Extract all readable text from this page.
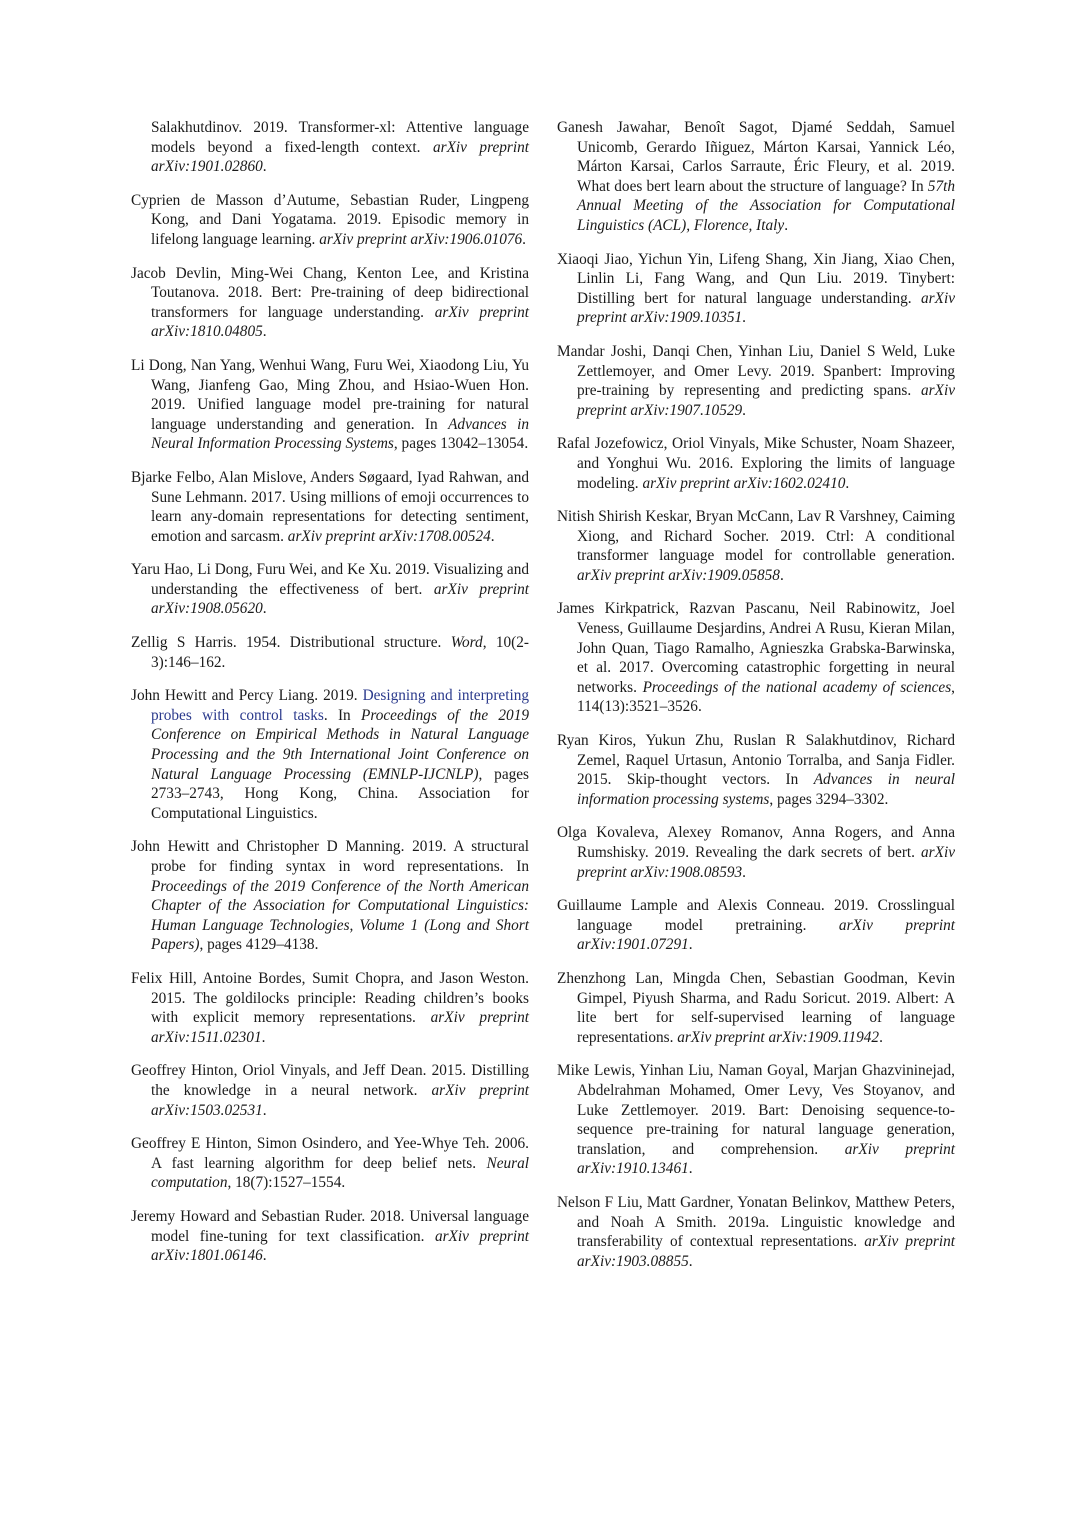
Salakhutdinov. 2019. Transformer-xl: Attentive language models beyond a fixed-length context. arXiv preprint arXiv:1901.02860.

Cyprien de Masson d’Autume, Sebastian Ruder, Lingpeng Kong, and Dani Yogatama. 2019. Episodic memory in lifelong language learning. arXiv preprint arXiv:1906.01076.

Jacob Devlin, Ming-Wei Chang, Kenton Lee, and Kristina Toutanova. 2018. Bert: Pre-training of deep bidirectional transformers for language understanding. arXiv preprint arXiv:1810.04805.

Li Dong, Nan Yang, Wenhui Wang, Furu Wei, Xiaodong Liu, Yu Wang, Jianfeng Gao, Ming Zhou, and Hsiao-Wuen Hon. 2019. Unified language model pre-training for natural language understanding and generation. In Advances in Neural Information Processing Systems, pages 13042–13054.

Bjarke Felbo, Alan Mislove, Anders Søgaard, Iyad Rahwan, and Sune Lehmann. 2017. Using millions of emoji occurrences to learn any-domain representations for detecting sentiment, emotion and sarcasm. arXiv preprint arXiv:1708.00524.

Yaru Hao, Li Dong, Furu Wei, and Ke Xu. 2019. Visualizing and understanding the effectiveness of bert. arXiv preprint arXiv:1908.05620.

Zellig S Harris. 1954. Distributional structure. Word, 10(2-3):146–162.

John Hewitt and Percy Liang. 2019. Designing and interpreting probes with control tasks. In Proceedings of the 2019 Conference on Empirical Methods in Natural Language Processing and the 9th International Joint Conference on Natural Language Processing (EMNLP-IJCNLP), pages 2733–2743, Hong Kong, China. Association for Computational Linguistics.

John Hewitt and Christopher D Manning. 2019. A structural probe for finding syntax in word representations. In Proceedings of the 2019 Conference of the North American Chapter of the Association for Computational Linguistics: Human Language Technologies, Volume 1 (Long and Short Papers), pages 4129–4138.

Felix Hill, Antoine Bordes, Sumit Chopra, and Jason Weston. 2015. The goldilocks principle: Reading children’s books with explicit memory representations. arXiv preprint arXiv:1511.02301.

Geoffrey Hinton, Oriol Vinyals, and Jeff Dean. 2015. Distilling the knowledge in a neural network. arXiv preprint arXiv:1503.02531.

Geoffrey E Hinton, Simon Osindero, and Yee-Whye Teh. 2006. A fast learning algorithm for deep belief nets. Neural computation, 18(7):1527–1554.

Jeremy Howard and Sebastian Ruder. 2018. Universal language model fine-tuning for text classification. arXiv preprint arXiv:1801.06146.

Ganesh Jawahar, Benoît Sagot, Djamé Seddah, Samuel Unicomb, Gerardo Iñiguez, Márton Karsai, Yannick Léo, Márton Karsai, Carlos Sarraute, Éric Fleury, et al. 2019. What does bert learn about the structure of language? In 57th Annual Meeting of the Association for Computational Linguistics (ACL), Florence, Italy.

Xiaoqi Jiao, Yichun Yin, Lifeng Shang, Xin Jiang, Xiao Chen, Linlin Li, Fang Wang, and Qun Liu. 2019. Tinybert: Distilling bert for natural language understanding. arXiv preprint arXiv:1909.10351.

Mandar Joshi, Danqi Chen, Yinhan Liu, Daniel S Weld, Luke Zettlemoyer, and Omer Levy. 2019. Spanbert: Improving pre-training by representing and predicting spans. arXiv preprint arXiv:1907.10529.

Rafal Jozefowicz, Oriol Vinyals, Mike Schuster, Noam Shazeer, and Yonghui Wu. 2016. Exploring the limits of language modeling. arXiv preprint arXiv:1602.02410.

Nitish Shirish Keskar, Bryan McCann, Lav R Varshney, Caiming Xiong, and Richard Socher. 2019. Ctrl: A conditional transformer language model for controllable generation. arXiv preprint arXiv:1909.05858.

James Kirkpatrick, Razvan Pascanu, Neil Rabinowitz, Joel Veness, Guillaume Desjardins, Andrei A Rusu, Kieran Milan, John Quan, Tiago Ramalho, Agnieszka Grabska-Barwinska, et al. 2017. Overcoming catastrophic forgetting in neural networks. Proceedings of the national academy of sciences, 114(13):3521–3526.

Ryan Kiros, Yukun Zhu, Ruslan R Salakhutdinov, Richard Zemel, Raquel Urtasun, Antonio Torralba, and Sanja Fidler. 2015. Skip-thought vectors. In Advances in neural information processing systems, pages 3294–3302.

Olga Kovaleva, Alexey Romanov, Anna Rogers, and Anna Rumshisky. 2019. Revealing the dark secrets of bert. arXiv preprint arXiv:1908.08593.

Guillaume Lample and Alexis Conneau. 2019. Crosslingual language model pretraining. arXiv preprint arXiv:1901.07291.

Zhenzhong Lan, Mingda Chen, Sebastian Goodman, Kevin Gimpel, Piyush Sharma, and Radu Soricut. 2019. Albert: A lite bert for self-supervised learning of language representations. arXiv preprint arXiv:1909.11942.

Mike Lewis, Yinhan Liu, Naman Goyal, Marjan Ghazvininejad, Abdelrahman Mohamed, Omer Levy, Ves Stoyanov, and Luke Zettlemoyer. 2019. Bart: Denoising sequence-to-sequence pre-training for natural language generation, translation, and comprehension. arXiv preprint arXiv:1910.13461.

Nelson F Liu, Matt Gardner, Yonatan Belinkov, Matthew Peters, and Noah A Smith. 2019a. Linguistic knowledge and transferability of contextual representations. arXiv preprint arXiv:1903.08855.
